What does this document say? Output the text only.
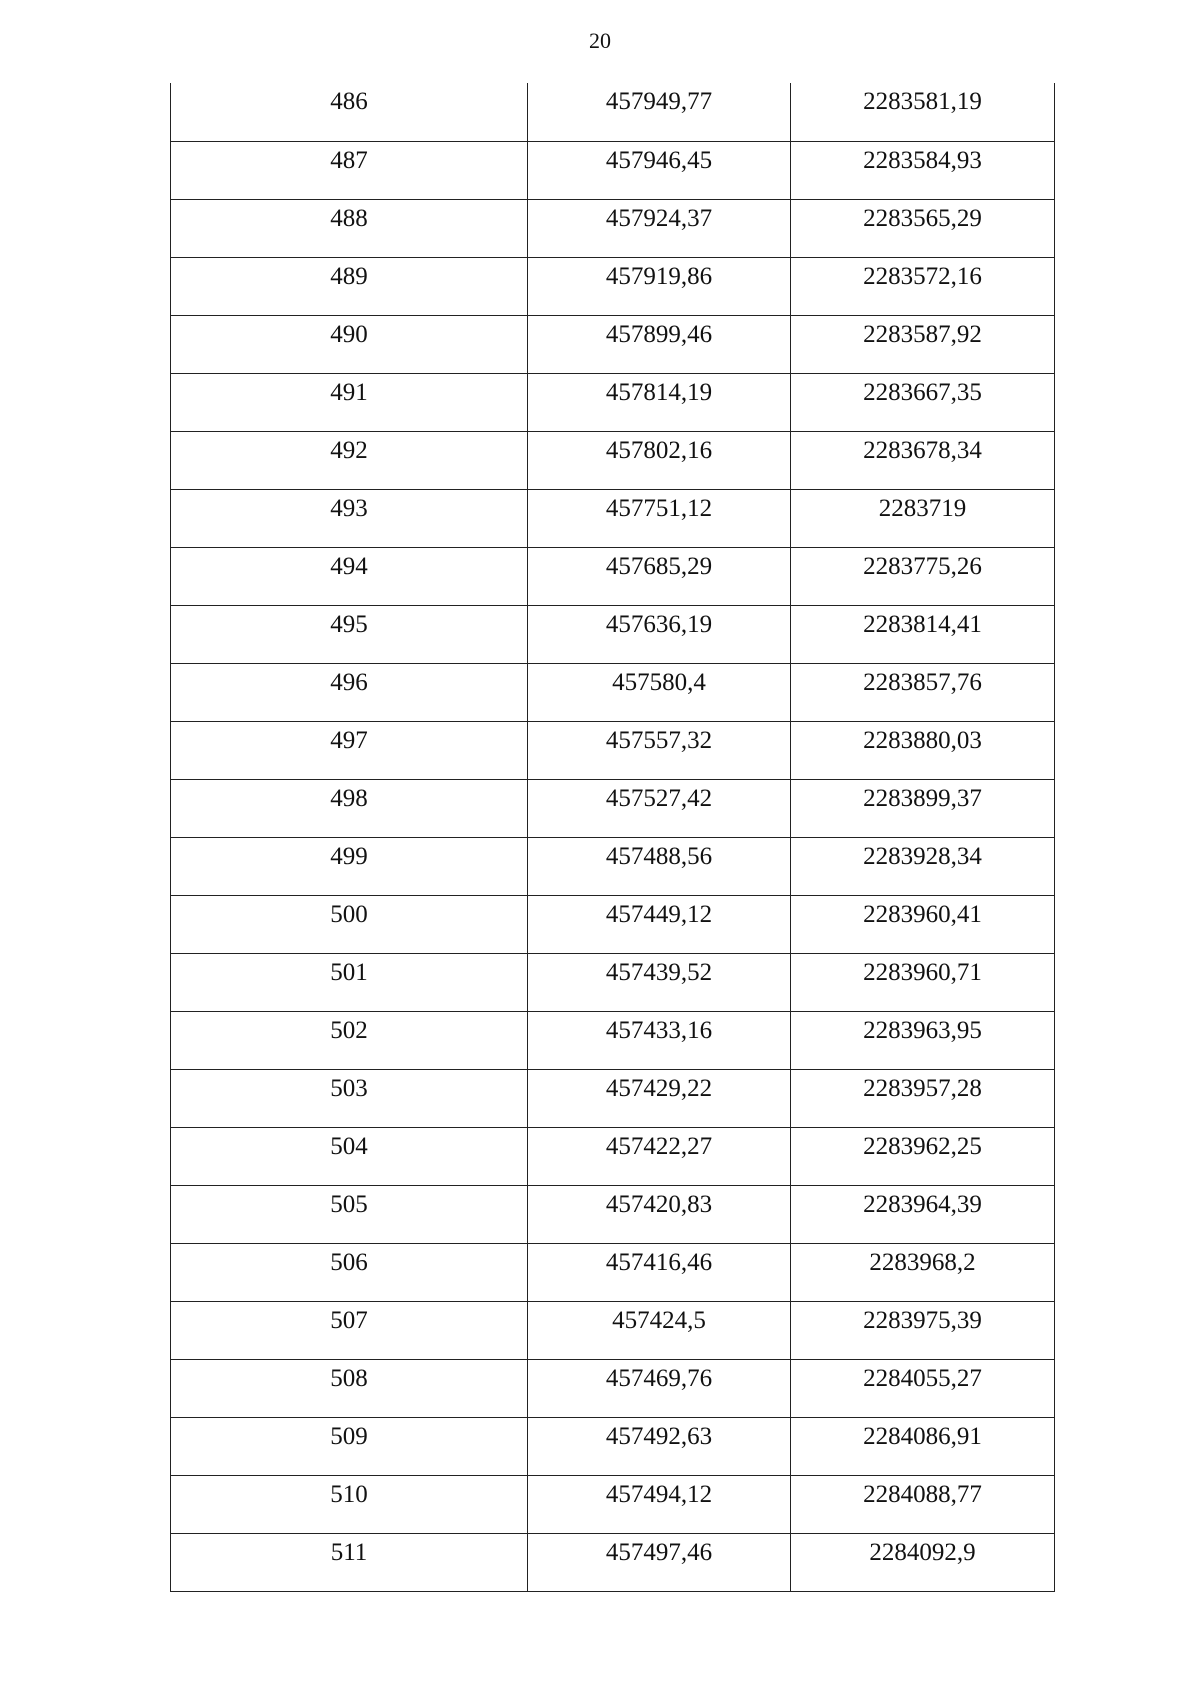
20
486	457949,77	2283581,19
487	457946,45	2283584,93
488	457924,37	2283565,29
489	457919,86	2283572,16
490	457899,46	2283587,92
491	457814,19	2283667,35
492	457802,16	2283678,34
493	457751,12	2283719
494	457685,29	2283775,26
495	457636,19	2283814,41
496	457580,4	2283857,76
497	457557,32	2283880,03
498	457527,42	2283899,37
499	457488,56	2283928,34
500	457449,12	2283960,41
501	457439,52	2283960,71
502	457433,16	2283963,95
503	457429,22	2283957,28
504	457422,27	2283962,25
505	457420,83	2283964,39
506	457416,46	2283968,2
507	457424,5	2283975,39
508	457469,76	2284055,27
509	457492,63	2284086,91
510	457494,12	2284088,77
511	457497,46	2284092,9
